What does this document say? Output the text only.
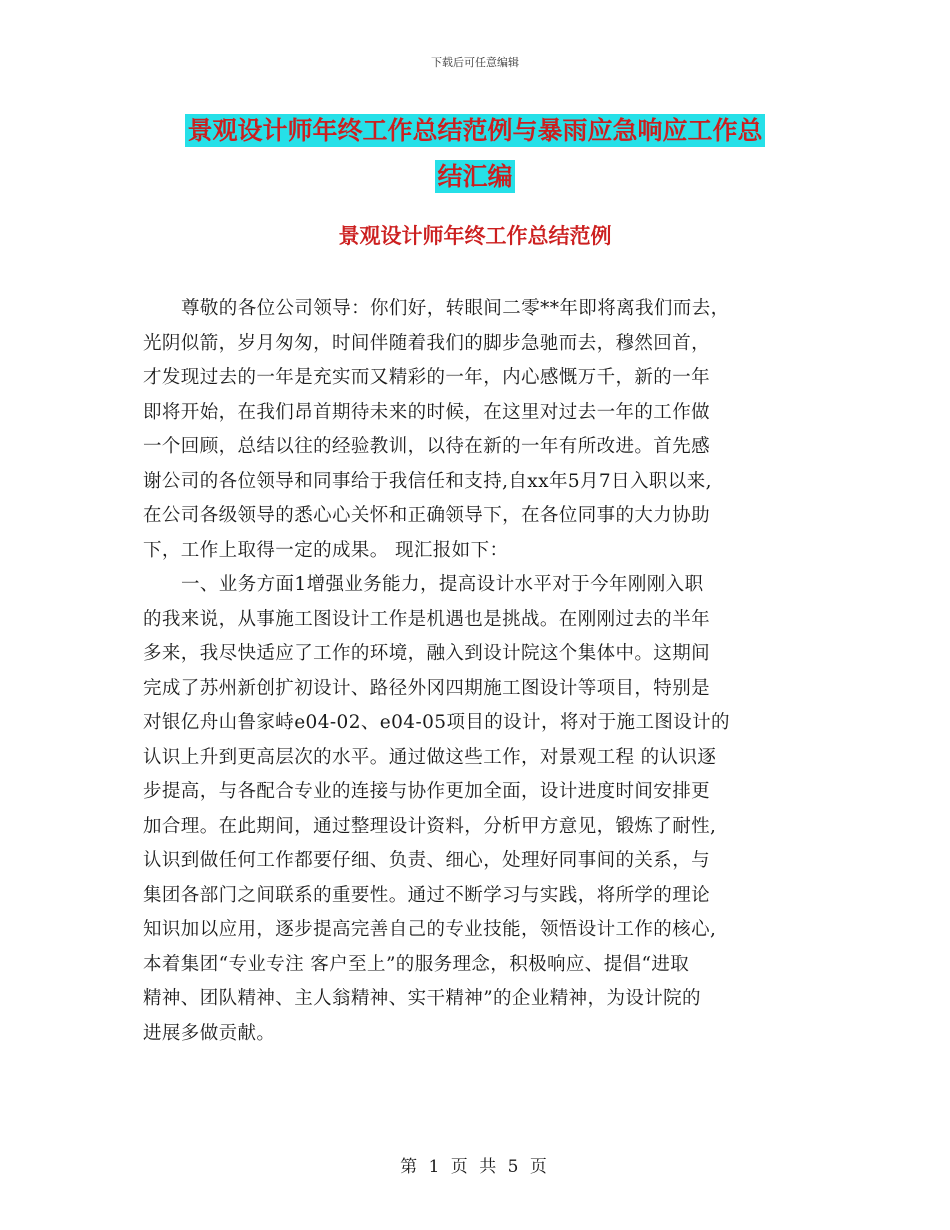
下载后可任意编辑
景观设计师年终工作总结范例与暴雨应急响应工作总
结汇编
景观设计师年终工作总结范例
尊敬的各位公司领导：你们好，转眼间二零**年即将离我们而去，
光阴似箭，岁月匆匆，时间伴随着我们的脚步急驰而去，穆然回首，
才发现过去的一年是充实而又精彩的一年，内心感慨万千，新的一年
即将开始，在我们昂首期待未来的时候，在这里对过去一年的工作做
一个回顾，总结以往的经验教训，以待在新的一年有所改进。首先感
谢公司的各位领导和同事给于我信任和支持,自xx年5月7日入职以来,
在公司各级领导的悉心心关怀和正确领导下，在各位同事的大力协助
下，工作上取得一定的成果。 现汇报如下：
一、业务方面1增强业务能力，提高设计水平对于今年刚刚入职
的我来说，从事施工图设计工作是机遇也是挑战。在刚刚过去的半年
多来，我尽快适应了工作的环境，融入到设计院这个集体中。这期间
完成了苏州新创扩初设计、路径外冈四期施工图设计等项目，特别是
对银亿舟山鲁家峙e04-02、e04-05项目的设计，将对于施工图设计的
认识上升到更高层次的水平。通过做这些工作，对景观工程 的认识逐
步提高，与各配合专业的连接与协作更加全面，设计进度时间安排更
加合理。在此期间，通过整理设计资料，分析甲方意见，锻炼了耐性,
认识到做任何工作都要仔细、负责、细心，处理好同事间的关系，与
集团各部门之间联系的重要性。通过不断学习与实践，将所学的理论
知识加以应用，逐步提高完善自己的专业技能，领悟设计工作的核心,
本着集团“专业专注 客户至上”的服务理念，积极响应、提倡“进取
精神、团队精神、主人翁精神、实干精神”的企业精神，为设计院的
进展多做贡献。
第 1 页 共 5 页
